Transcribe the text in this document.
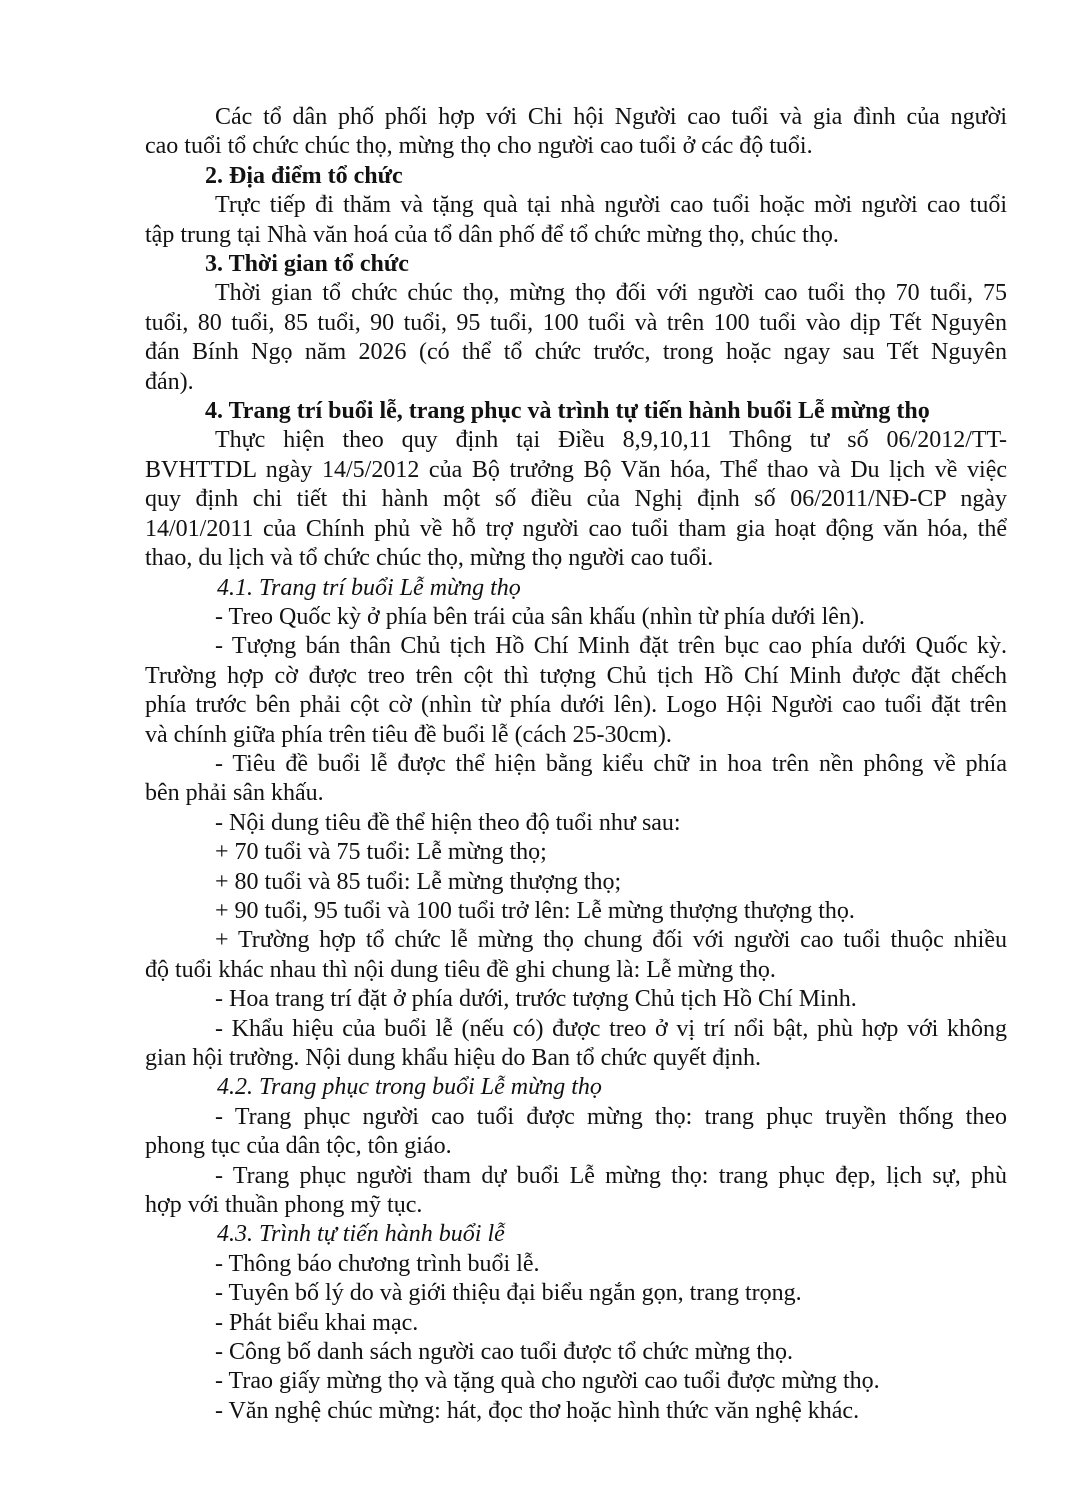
Các tổ dân phố phối hợp với Chi hội Người cao tuổi và gia đình của người
cao tuổi tổ chức chúc thọ, mừng thọ cho người cao tuổi ở các độ tuổi.
2. Địa điểm tổ chức
Trực tiếp đi thăm và tặng quà tại nhà người cao tuổi hoặc mời người cao tuổi
tập trung tại Nhà văn hoá của tổ dân phố để tổ chức mừng thọ, chúc thọ.
3. Thời gian tổ chức
Thời gian tổ chức chúc thọ, mừng thọ đối với người cao tuổi thọ 70 tuổi, 75
tuổi, 80 tuổi, 85 tuổi, 90 tuổi, 95 tuổi, 100 tuổi và trên 100 tuổi vào dịp Tết Nguyên
đán Bính Ngọ năm 2026 (có thể tổ chức trước, trong hoặc ngay sau Tết Nguyên
đán).
4. Trang trí buổi lễ, trang phục và trình tự tiến hành buổi Lễ mừng thọ
Thực hiện theo quy định tại Điều 8,9,10,11 Thông tư số 06/2012/TT-
BVHTTDL ngày 14/5/2012 của Bộ trưởng Bộ Văn hóa, Thể thao và Du lịch về việc
quy định chi tiết thi hành một số điều của Nghị định số 06/2011/NĐ-CP ngày
14/01/2011 của Chính phủ về hỗ trợ người cao tuổi tham gia hoạt động văn hóa, thể
thao, du lịch và tổ chức chúc thọ, mừng thọ người cao tuổi.
4.1. Trang trí buổi Lễ mừng thọ
- Treo Quốc kỳ ở phía bên trái của sân khấu (nhìn từ phía dưới lên).
- Tượng bán thân Chủ tịch Hồ Chí Minh đặt trên bục cao phía dưới Quốc kỳ.
Trường hợp cờ được treo trên cột thì tượng Chủ tịch Hồ Chí Minh được đặt chếch
phía trước bên phải cột cờ (nhìn từ phía dưới lên). Logo Hội Người cao tuổi đặt trên
và chính giữa phía trên tiêu đề buổi lễ (cách 25-30cm).
- Tiêu đề buổi lễ được thể hiện bằng kiểu chữ in hoa trên nền phông về phía
bên phải sân khấu.
- Nội dung tiêu đề thể hiện theo độ tuổi như sau:
+ 70 tuổi và 75 tuổi: Lễ mừng thọ;
+ 80 tuổi và 85 tuổi: Lễ mừng thượng thọ;
+ 90 tuổi, 95 tuổi và 100 tuổi trở lên: Lễ mừng thượng thượng thọ.
+ Trường hợp tổ chức lễ mừng thọ chung đối với người cao tuổi thuộc nhiều
độ tuổi khác nhau thì nội dung tiêu đề ghi chung là: Lễ mừng thọ.
- Hoa trang trí đặt ở phía dưới, trước tượng Chủ tịch Hồ Chí Minh.
- Khẩu hiệu của buổi lễ (nếu có) được treo ở vị trí nổi bật, phù hợp với không
gian hội trường. Nội dung khẩu hiệu do Ban tổ chức quyết định.
4.2. Trang phục trong buổi Lễ mừng thọ
- Trang phục người cao tuổi được mừng thọ: trang phục truyền thống theo
phong tục của dân tộc, tôn giáo.
- Trang phục người tham dự buổi Lễ mừng thọ: trang phục đẹp, lịch sự, phù
hợp với thuần phong mỹ tục.
4.3. Trình tự tiến hành buổi lễ
- Thông báo chương trình buổi lễ.
- Tuyên bố lý do và giới thiệu đại biểu ngắn gọn, trang trọng.
- Phát biểu khai mạc.
- Công bố danh sách người cao tuổi được tổ chức mừng thọ.
- Trao giấy mừng thọ và tặng quà cho người cao tuổi được mừng thọ.
- Văn nghệ chúc mừng: hát, đọc thơ hoặc hình thức văn nghệ khác.
